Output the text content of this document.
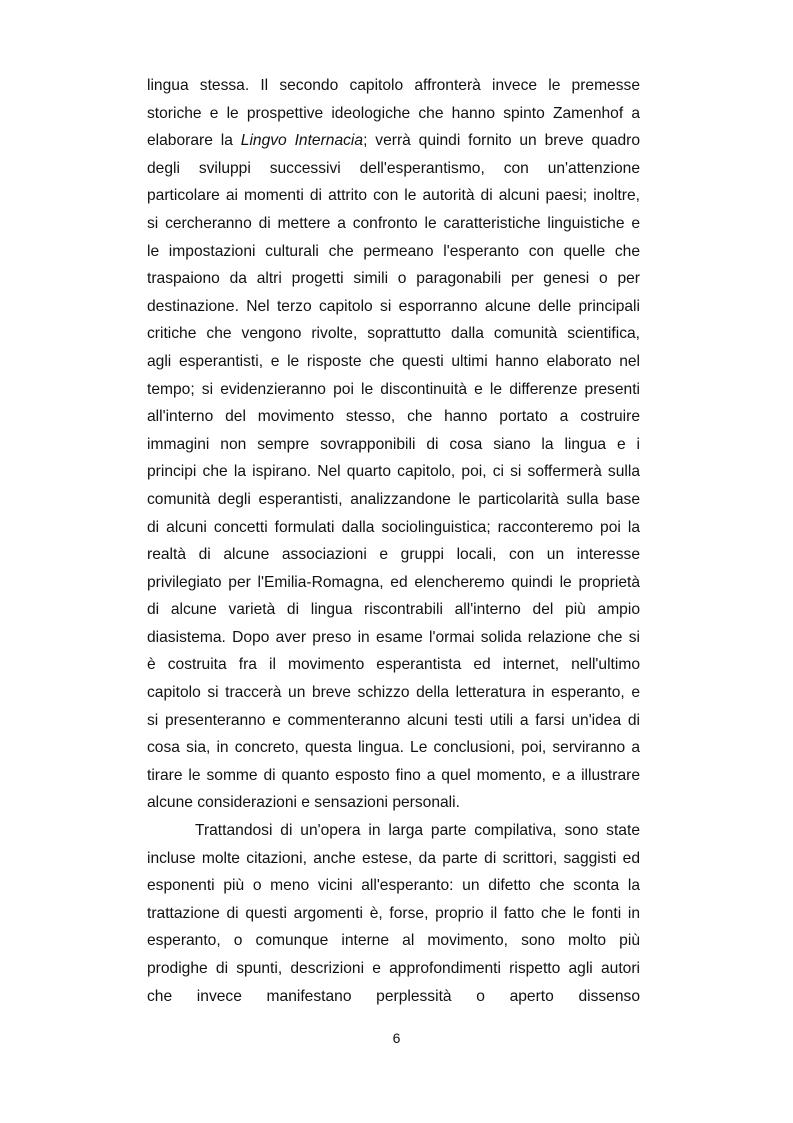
lingua stessa. Il secondo capitolo affronterà invece le premesse
storiche e le prospettive ideologiche che hanno spinto Zamenhof a
elaborare la Lingvo Internacia; verrà quindi fornito un breve quadro
degli sviluppi successivi dell'esperantismo, con un'attenzione
particolare ai momenti di attrito con le autorità di alcuni paesi; inoltre,
si cercheranno di mettere a confronto le caratteristiche linguistiche e
le impostazioni culturali che permeano l'esperanto con quelle che
traspaiono da altri progetti simili o paragonabili per genesi o per
destinazione. Nel terzo capitolo si esporranno alcune delle principali
critiche che vengono rivolte, soprattutto dalla comunità scientifica,
agli esperantisti, e le risposte che questi ultimi hanno elaborato nel
tempo; si evidenzieranno poi le discontinuità e le differenze presenti
all'interno del movimento stesso, che hanno portato a costruire
immagini non sempre sovrapponibili di cosa siano la lingua e i
principi che la ispirano. Nel quarto capitolo, poi, ci si soffermerà sulla
comunità degli esperantisti, analizzandone le particolarità sulla base
di alcuni concetti formulati dalla sociolinguistica; racconteremo poi la
realtà di alcune associazioni e gruppi locali, con un interesse
privilegiato per l'Emilia-Romagna, ed elencheremo quindi le proprietà
di alcune varietà di lingua riscontrabili all'interno del più ampio
diasistema. Dopo aver preso in esame l'ormai solida relazione che si
è costruita fra il movimento esperantista ed internet, nell'ultimo
capitolo si traccerà un breve schizzo della letteratura in esperanto, e
si presenteranno e commenteranno alcuni testi utili a farsi un'idea di
cosa sia, in concreto, questa lingua. Le conclusioni, poi, serviranno a
tirare le somme di quanto esposto fino a quel momento, e a illustrare
alcune considerazioni e sensazioni personali.
Trattandosi di un'opera in larga parte compilativa, sono state
incluse molte citazioni, anche estese, da parte di scrittori, saggisti ed
esponenti più o meno vicini all'esperanto: un difetto che sconta la
trattazione di questi argomenti è, forse, proprio il fatto che le fonti in
esperanto, o comunque interne al movimento, sono molto più
prodighe di spunti, descrizioni e approfondimenti rispetto agli autori
che invece manifestano perplessità o aperto dissenso
6
